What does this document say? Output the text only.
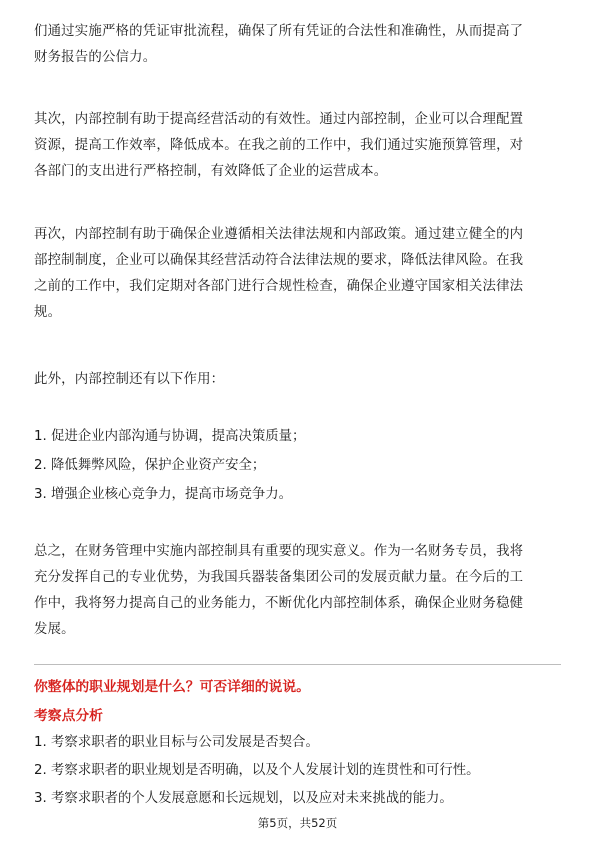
们通过实施严格的凭证审批流程，确保了所有凭证的合法性和准确性，从而提高了
财务报告的公信力。
其次，内部控制有助于提高经营活动的有效性。通过内部控制，企业可以合理配置
资源，提高工作效率，降低成本。在我之前的工作中，我们通过实施预算管理，对
各部门的支出进行严格控制，有效降低了企业的运营成本。
再次，内部控制有助于确保企业遵循相关法律法规和内部政策。通过建立健全的内
部控制制度，企业可以确保其经营活动符合法律法规的要求，降低法律风险。在我
之前的工作中，我们定期对各部门进行合规性检查，确保企业遵守国家相关法律法
规。
此外，内部控制还有以下作用：
1. 促进企业内部沟通与协调，提高决策质量；
2. 降低舞弊风险，保护企业资产安全；
3. 增强企业核心竞争力，提高市场竞争力。
总之，在财务管理中实施内部控制具有重要的现实意义。作为一名财务专员，我将
充分发挥自己的专业优势，为我国兵器装备集团公司的发展贡献力量。在今后的工
作中，我将努力提高自己的业务能力，不断优化内部控制体系，确保企业财务稳健
发展。
你整体的职业规划是什么？可否详细的说说。
考察点分析
1. 考察求职者的职业目标与公司发展是否契合。
2. 考察求职者的职业规划是否明确，以及个人发展计划的连贯性和可行性。
3. 考察求职者的个人发展意愿和长远规划，以及应对未来挑战的能力。
第5页，共52页
